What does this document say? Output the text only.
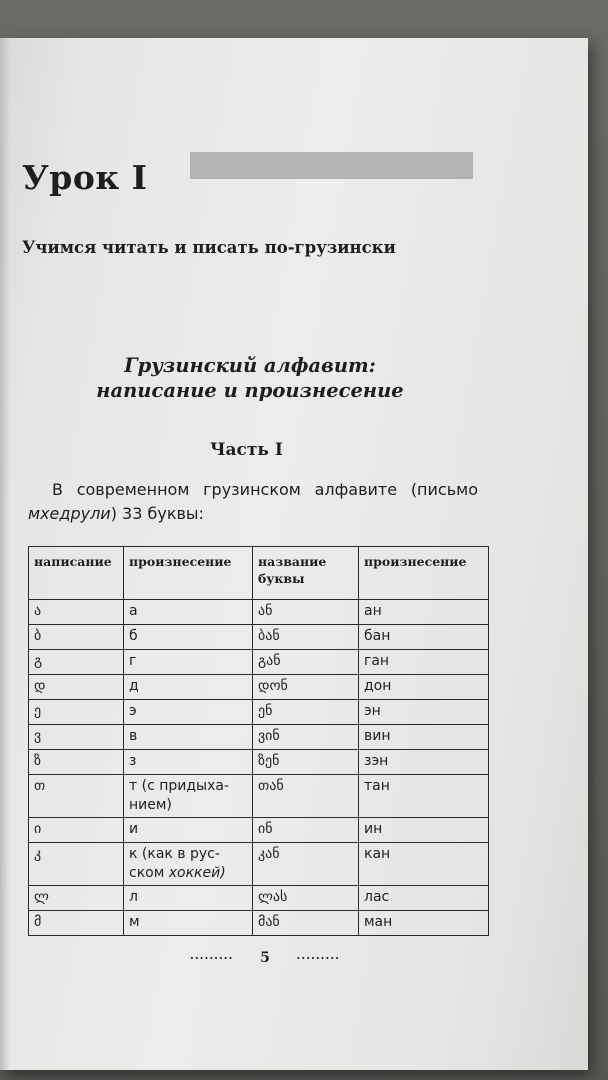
Урок I
Учимся читать и писать по-грузински
Грузинский алфавит:
написание и произнесение
Часть I
В современном грузинском алфавите (письмо
мхедрули) 33 буквы:
написание	произнесение	название буквы	произнесение
ა	а	ან	ан
ბ	б	ბან	бан
გ	г	გან	ган
დ	д	დონ	дон
ე	э	ენ	эн
ვ	в	ვინ	вин
ზ	з	ზენ	зэн
თ	т (с придыха-
нием)	თან	тан
ი	и	ინ	ин
კ	к (как в рус-
ском хоккей)	კან	кан
ლ	л	ლას	лас
მ	м	მან	ман
········· 5 ·········
